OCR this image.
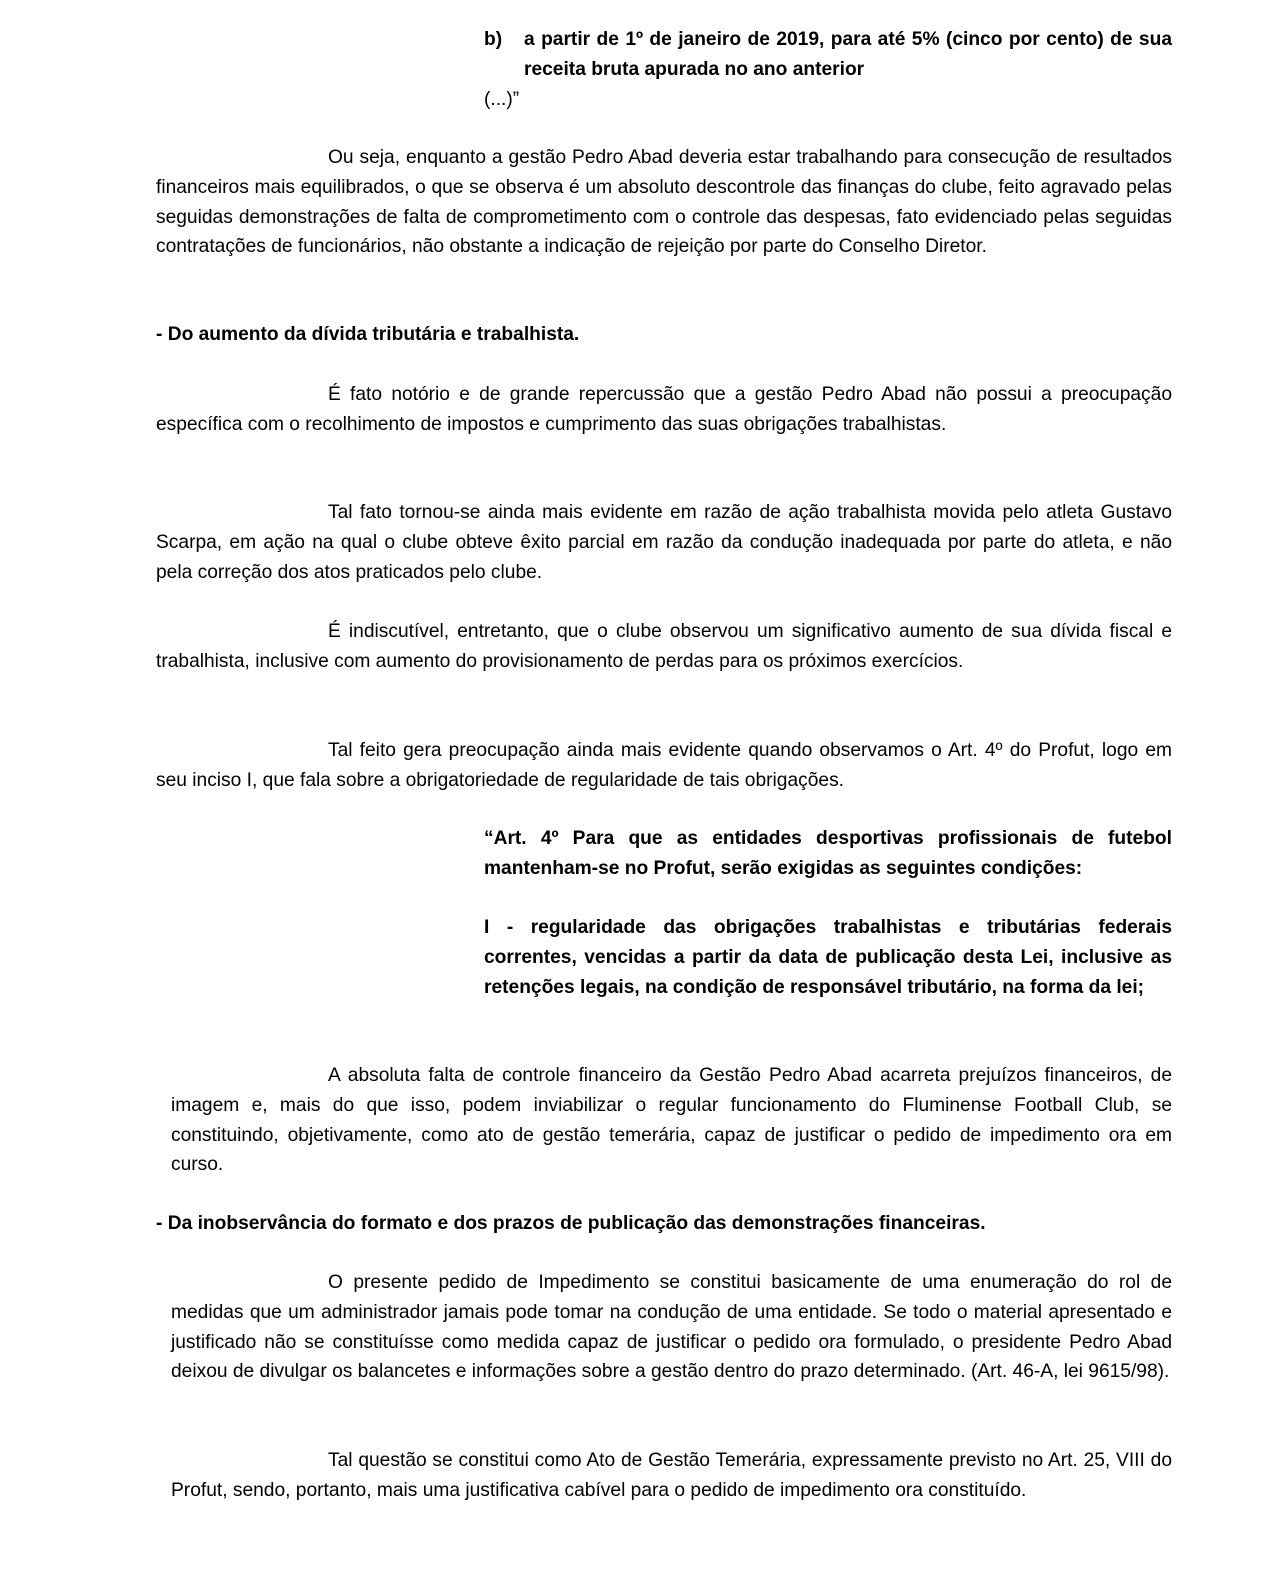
b) a partir de 1º de janeiro de 2019, para até 5% (cinco por cento) de sua receita bruta apurada no ano anterior

(...)”

Ou seja, enquanto a gestão Pedro Abad deveria estar trabalhando para consecução de resultados financeiros mais equilibrados, o que se observa é um absoluto descontrole das finanças do clube, feito agravado pelas seguidas demonstrações de falta de comprometimento com o controle das despesas, fato evidenciado pelas seguidas contratações de funcionários, não obstante a indicação de rejeição por parte do Conselho Diretor.

- Do aumento da dívida tributária e trabalhista.

É fato notório e de grande repercussão que a gestão Pedro Abad não possui a preocupação específica com o recolhimento de impostos e cumprimento das suas obrigações trabalhistas.

Tal fato tornou-se ainda mais evidente em razão de ação trabalhista movida pelo atleta Gustavo Scarpa, em ação na qual o clube obteve êxito parcial em razão da condução inadequada por parte do atleta, e não pela correção dos atos praticados pelo clube.

É indiscutível, entretanto, que o clube observou um significativo aumento de sua dívida fiscal e trabalhista, inclusive com aumento do provisionamento de perdas para os próximos exercícios.

Tal feito gera preocupação ainda mais evidente quando observamos o Art. 4º do Profut, logo em seu inciso I, que fala sobre a obrigatoriedade de regularidade de tais obrigações.

“Art. 4º Para que as entidades desportivas profissionais de futebol mantenham-se no Profut, serão exigidas as seguintes condições:

I - regularidade das obrigações trabalhistas e tributárias federais correntes, vencidas a partir da data de publicação desta Lei, inclusive as retenções legais, na condição de responsável tributário, na forma da lei;

A absoluta falta de controle financeiro da Gestão Pedro Abad acarreta prejuízos financeiros, de imagem e, mais do que isso, podem inviabilizar o regular funcionamento do Fluminense Football Club, se constituindo, objetivamente, como ato de gestão temerária, capaz de justificar o pedido de impedimento ora em curso.

- Da inobservância do formato e dos prazos de publicação das demonstrações financeiras.

O presente pedido de Impedimento se constitui basicamente de uma enumeração do rol de medidas que um administrador jamais pode tomar na condução de uma entidade. Se todo o material apresentado e justificado não se constituísse como medida capaz de justificar o pedido ora formulado, o presidente Pedro Abad deixou de divulgar os balancetes e informações sobre a gestão dentro do prazo determinado. (Art. 46-A, lei 9615/98).

Tal questão se constitui como Ato de Gestão Temerária, expressamente previsto no Art. 25, VIII do Profut, sendo, portanto, mais uma justificativa cabível para o pedido de impedimento ora constituído.
